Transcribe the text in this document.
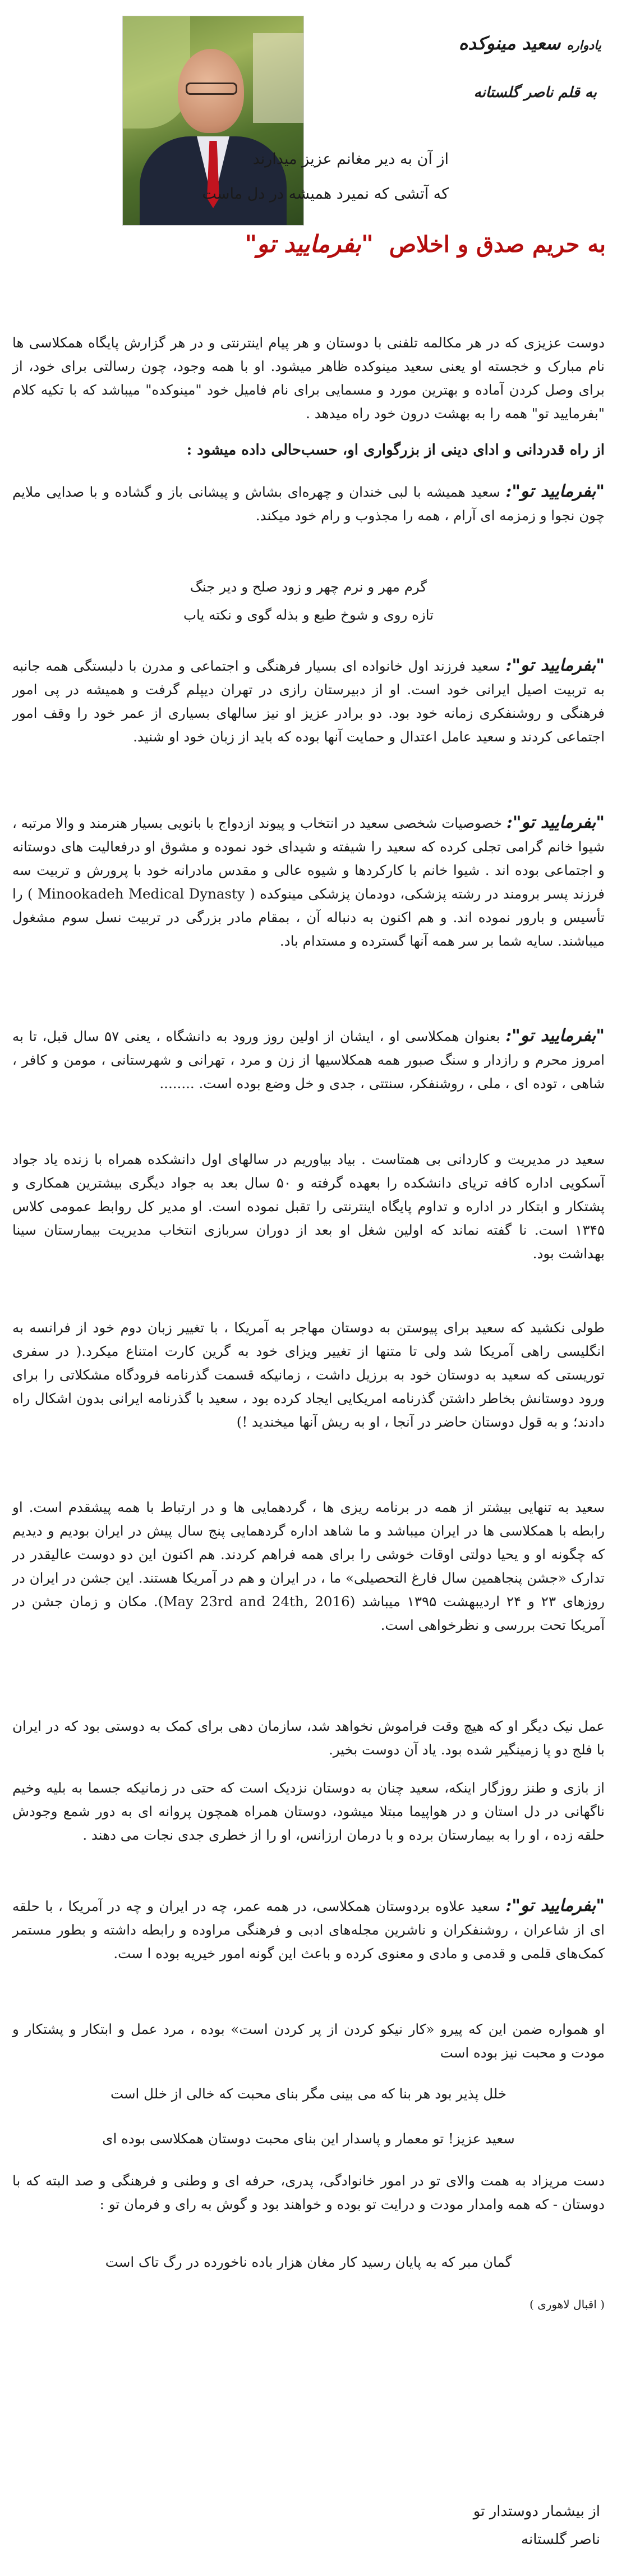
یادواره سعید مینوکده
به قلم ناصر گلستانه
از آن به دیر مغانم عزیز میدارند
که آتشی که نمیرد همیشه در دل ماست
به حریم صدق و اخلاص "بفرمایید تو"

دوست عزیزی که در هر مکالمه تلفنی با دوستان و هر پیام اینترنتی و در هر گزارش پایگاه همکلاسی ها نام مبارک و خجسته او یعنی سعید مینوکده ظاهر میشود. او با همه وجود، چون رسالتی برای خود، از برای وصل کردن آماده و بهترین مورد و مسمایی برای نام فامیل خود "مینوکده" میباشد که با تکیه کلام "بفرمایید تو" همه را به بهشت درون خود راه میدهد .

از راه قدردانی و ادای دینی از بزرگواری او، حسب‌حالی داده میشود :

"بفرمایید تو": سعید همیشه با لبی خندان و چهره‌ای بشاش و پیشانی باز و گشاده و با صدایی ملایم چون نجوا و زمزمه ای آرام ، همه را مجذوب و رام خود میکند.

گرم مهر و نرم چهر و زود صلح و دیر جنگ

تازه روی و شوخ طبع و بذله گوی و نکته یاب

"بفرمایید تو": سعید فرزند اول خانواده ای بسیار فرهنگی و اجتماعی و مدرن با دلبستگی همه جانبه به تربیت اصیل ایرانی خود است. او از دبیرستان رازی در تهران دیپلم گرفت و همیشه در پی امور فرهنگی و روشنفکری زمانه خود بود. دو برادر عزیز او نیز سالهای بسیاری از عمر خود را وقف امور اجتماعی کردند و سعید عامل اعتدال و حمایت آنها بوده که باید از زبان خود او شنید.

"بفرمایید تو": خصوصیات شخصی سعید در انتخاب و پیوند ازدواج با بانویی بسیار هنرمند و والا مرتبه ، شیوا خانم گرامی تجلی کرده که سعید را شیفته و شیدای خود نموده و مشوق او درفعالیت های دوستانه و اجتماعی بوده اند . شیوا خانم با کارکردها و شیوه عالی و مقدس مادرانه خود با پرورش و تربیت سه فرزند پسر برومند در رشته پزشکی، دودمان پزشکی مینوکده ( Minookadeh Medical Dynasty ) را تأسیس و بارور نموده اند. و هم اکنون به دنباله آن ، بمقام مادر بزرگی در تربیت نسل سوم مشغول میباشند. سایه شما بر سر همه آنها گسترده و مستدام باد.

"بفرمایید تو": بعنوان همکلاسی او ، ایشان از اولین روز ورود به دانشگاه ، یعنی ۵۷ سال قبل، تا به امروز محرم و رازدار و سنگ صبور همه همکلاسیها از زن و مرد ، تهرانی و شهرستانی ، مومن و کافر ، شاهی ، توده ای ، ملی ، روشنفکر، سنتتی ، جدی و خل وضع بوده است. ........

سعید در مدیریت و کاردانی بی همتاست . بیاد بیاوریم در سالهای اول دانشکده همراه با زنده یاد جواد آسکویی اداره کافه تریای دانشکده را بعهده گرفته و ۵۰ سال بعد به جواد دیگری بیشترین همکاری و پشتکار و ابتکار در اداره و تداوم پایگاه اینترنتی را تقبل نموده است. او مدیر کل روابط عمومی کلاس ۱۳۴۵ است. نا گفته نماند که اولین شغل او بعد از دوران سربازی انتخاب مدیریت بیمارستان سینا بهداشت بود.

طولی نکشید که سعید برای پیوستن به دوستان مهاجر به آمریکا ، با تغییر زبان دوم خود از فرانسه به انگلیسی راهی آمریکا شد ولی تا متنها از تغییر ویزای خود به گرین کارت امتناع میکرد.( در سفری توریستی که سعید به دوستان خود به برزیل داشت ، زمانیکه قسمت گذرنامه فرودگاه مشکلاتی را برای ورود دوستانش بخاطر داشتن گذرنامه امریکایی ایجاد کرده بود ، سعید با گذرنامه ایرانی بدون اشکال راه دادند؛ و به قول دوستان حاضر در آنجا ، او به ریش آنها میخندید !)

سعید به تنهایی بیشتر از همه در برنامه ریزی ها ، گردهمایی ها و در ارتباط با همه پیشقدم است. او رابطه با همکلاسی ها در ایران میباشد و ما شاهد اداره گردهمایی پنج سال پیش در ایران بودیم و دیدیم که چگونه او و یحیا دولتی اوقات خوشی را برای همه فراهم کردند. هم اکنون این دو دوست عالیقدر در تدارک «جشن پنجاهمین سال فارغ التحصیلی» ما ، در ایران و هم در آمریکا هستند. این جشن در ایران در روزهای ۲۳ و ۲۴ اردیبهشت ۱۳۹۵ میباشد (May 23rd and 24th, 2016). مکان و زمان جشن در آمریکا تحت بررسی و نظرخواهی است.

عمل نیک دیگر او که هیچ وقت فراموش نخواهد شد، سازمان دهی برای کمک به دوستی بود که در ایران با فلج دو پا زمینگیر شده بود. یاد آن دوست بخیر.

از بازی و طنز روزگار اینکه، سعید چنان به دوستان نزدیک است که حتی در زمانیکه جسما به بلیه وخیم ناگهانی در دل استان و در هواپیما مبتلا میشود، دوستان همراه همچون پروانه ای به دور شمع وجودش حلقه زده ، او را به بیمارستان برده و با درمان ارزانس، او را از خطری جدی نجات می دهند .

"بفرمایید تو": سعید علاوه بردوستان همکلاسی، در همه عمر، چه در ایران و چه در آمریکا ، با حلقه ای از شاعران ، روشنفکران و ناشرین مجله‌های ادبی و فرهنگی مراوده و رابطه داشته و بطور مستمر کمک‌های قلمی و قدمی و مادی و معنوی کرده و باعث این گونه امور خیریه بوده ا ست.

او همواره ضمن این که پیرو «کار نیکو کردن از پر کردن است» بوده ، مرد عمل و ابتکار و پشتکار و مودت و محبت نیز بوده است

خلل پذیر بود هر بنا که می بینی مگر بنای محبت که خالی از خلل است

سعید عزیز! تو معمار و پاسدار این بنای محبت دوستان همکلاسی بوده ای

دست مریزاد به همت والای تو در امور خانوادگی، پدری، حرفه ای و وطنی و فرهنگی و صد البته که با دوستان - که همه وامدار مودت و درایت تو بوده و خواهند بود و گوش به رای و فرمان تو :

گمان مبر که به پایان رسید کار مغان هزار باده ناخورده در رگ تاک است

( اقبال لاهوری )

از بیشمار دوستدار تو
ناصر گلستانه
